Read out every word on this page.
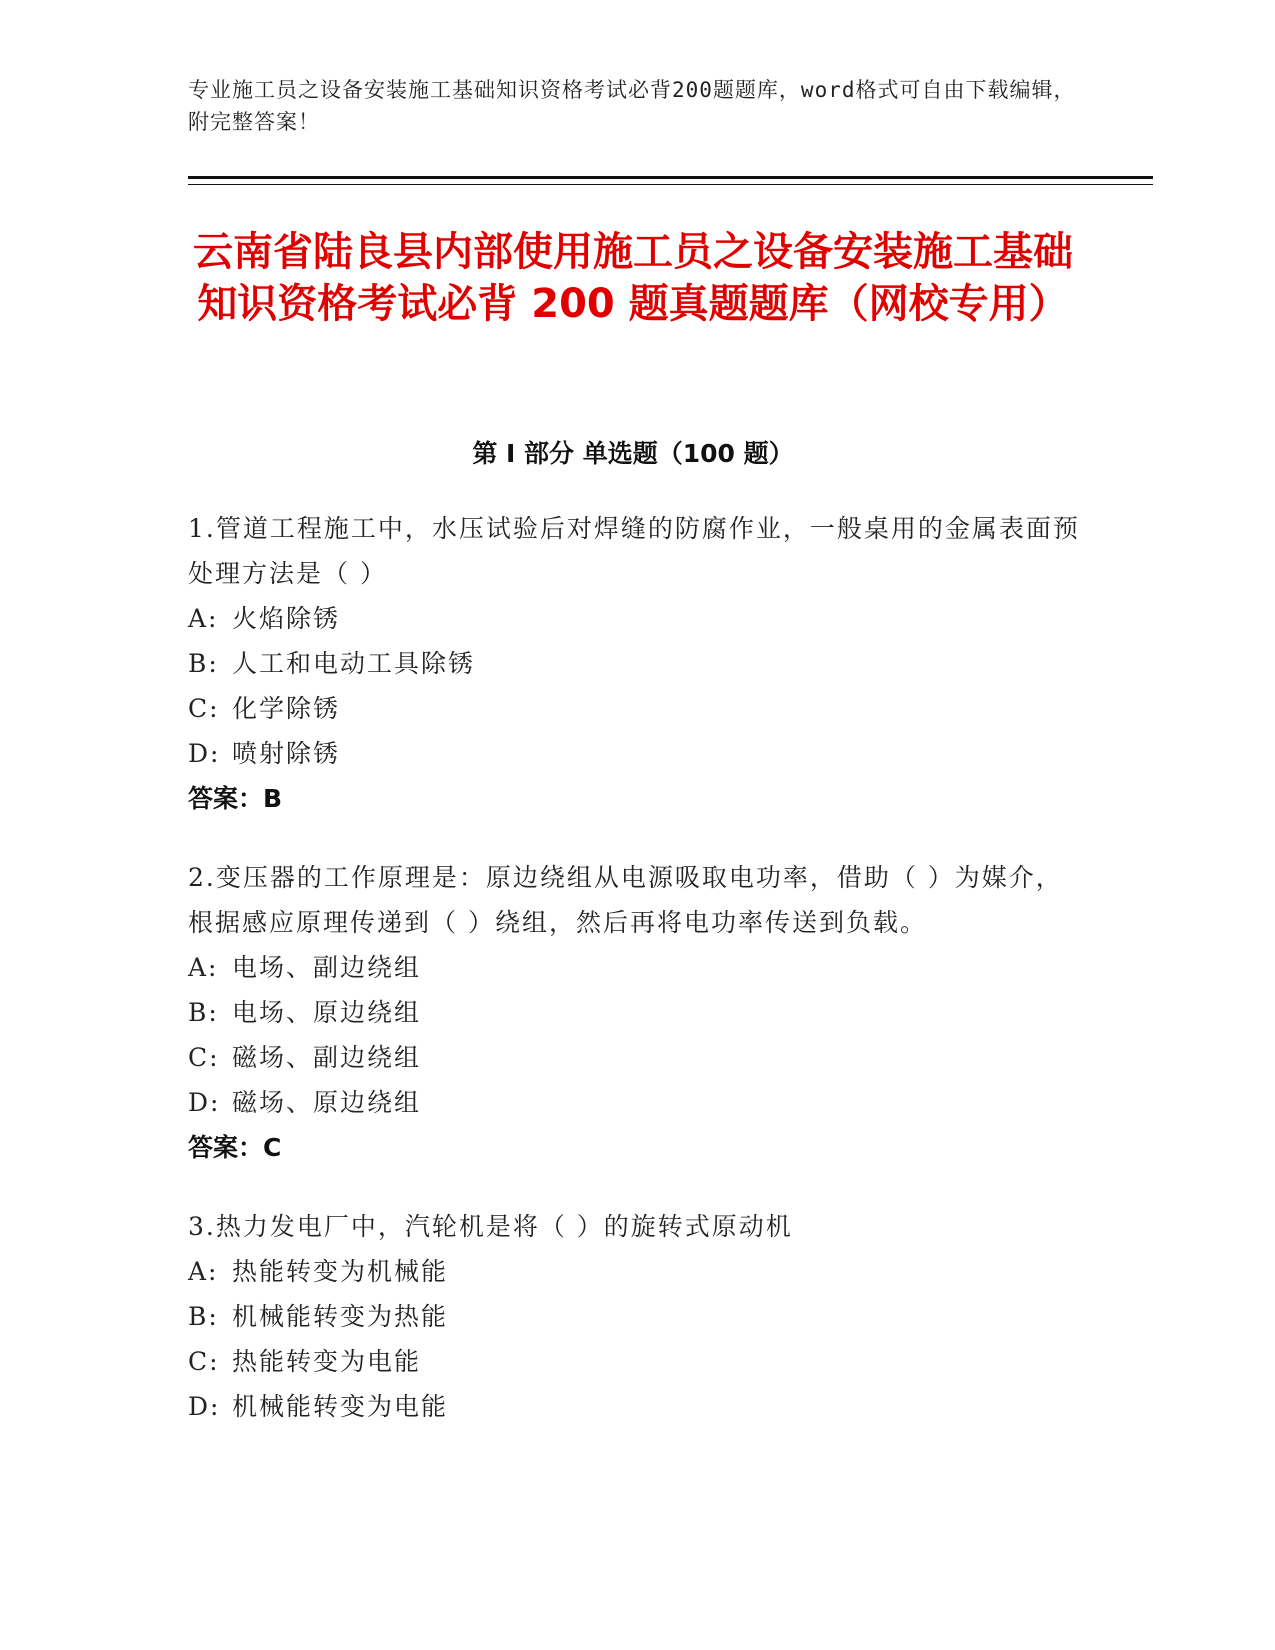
专业施工员之设备安装施工基础知识资格考试必背200题题库，word格式可自由下载编辑，附完整答案！

云南省陆良县内部使用施工员之设备安装施工基础知识资格考试必背 200 题真题题库（网校专用）
第 I 部分 单选题（100 题）

1.管道工程施工中，水压试验后对焊缝的防腐作业，一般桌用的金属表面预处理方法是（ ）

A: 火焰除锈

B: 人工和电动工具除锈

C: 化学除锈

D: 喷射除锈

答案：B

2.变压器的工作原理是：原边绕组从电源吸取电功率，借助（ ）为媒介，根据感应原理传递到（ ）绕组，然后再将电功率传送到负载。

A: 电场、副边绕组

B: 电场、原边绕组

C: 磁场、副边绕组

D: 磁场、原边绕组

答案：C

3.热力发电厂中，汽轮机是将（ ）的旋转式原动机

A: 热能转变为机械能

B: 机械能转变为热能

C: 热能转变为电能

D: 机械能转变为电能
